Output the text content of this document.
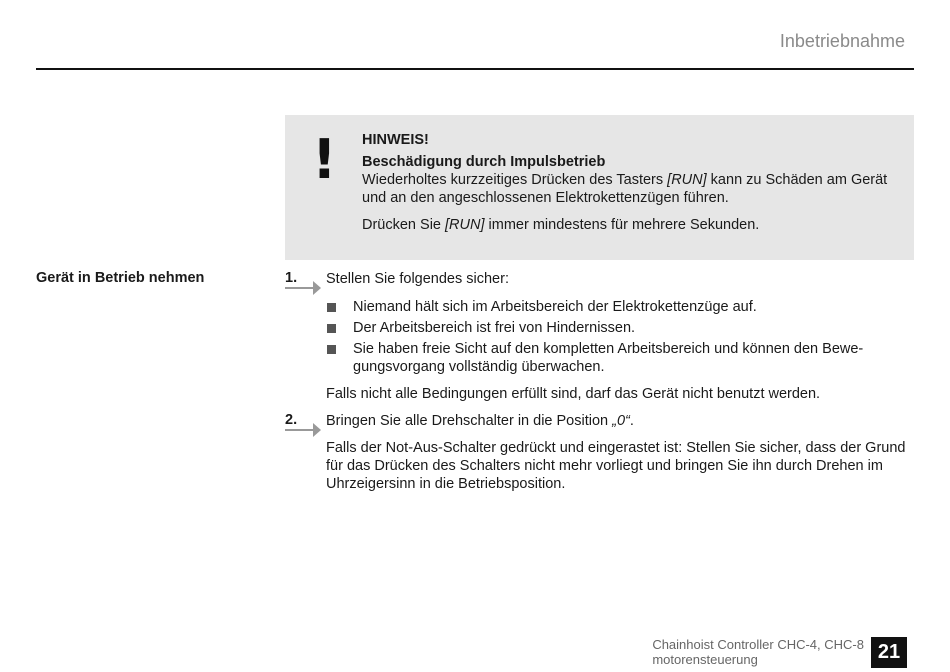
Inbetriebnahme
! HINWEIS!

Beschädigung durch Impulsbetrieb

Wiederholtes kurzzeitiges Drücken des Tasters [RUN] kann zu Schäden am Gerät und an den angeschlossenen Elektrokettenzügen führen.

Drücken Sie [RUN] immer mindestens für mehrere Sekunden.

Gerät in Betrieb nehmen	1.	Stellen Sie folgendes sicher:
Niemand hält sich im Arbeitsbereich der Elektrokettenzüge auf.
Der Arbeitsbereich ist frei von Hindernissen.
Sie haben freie Sicht auf den kompletten Arbeitsbereich und können den Bewe-gungsvorgang vollständig überwachen.
Falls nicht alle Bedingungen erfüllt sind, darf das Gerät nicht benutzt werden.
2.	Bringen Sie alle Drehschalter in die Position „0“.
Falls der Not-Aus-Schalter gedrückt und eingerastet ist: Stellen Sie sicher, dass der Grund für das Drücken des Schalters nicht mehr vorliegt und bringen Sie ihn durch Drehen im Uhrzeigersinn in die Betriebsposition.
Chainhoist Controller CHC-4, CHC-8
motorensteuerung	21
